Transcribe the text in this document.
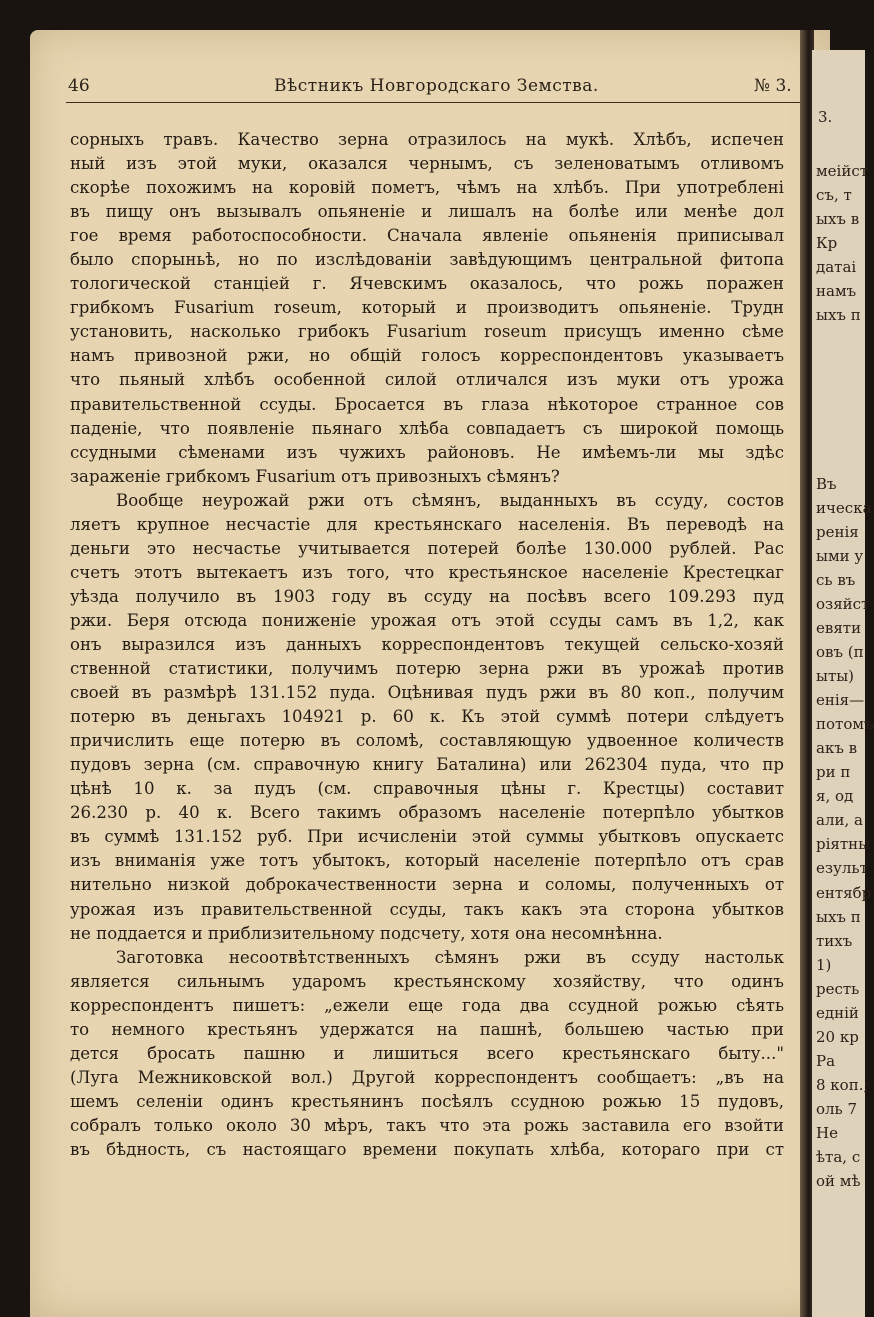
46	Вѣстникъ Новгородскаго Земства.	№ 3.
сорныхъ травъ. Качество зерна отразилось на мукѣ. Хлѣбъ, испечен
ный изъ этой муки, оказался чернымъ, съ зеленоватымъ отливомъ
скорѣе похожимъ на коровій пометъ, чѣмъ на хлѣбъ. При употреблені
въ пищу онъ вызывалъ опьяненіе и лишалъ на болѣе или менѣе дол
гое время работоспособности. Сначала явленіе опьяненія приписывал
было спорыньѣ, но по изслѣдованіи завѣдующимъ центральной фитопа
тологической станціей г. Ячевскимъ оказалось, что рожь поражен
грибкомъ Fusarium roseum, который и производитъ опьяненіе. Трудн
установить, насколько грибокъ Fusarium roseum присущъ именно сѣме
намъ привозной ржи, но общій голосъ корреспондентовъ указываетъ
что пьяный хлѣбъ особенной силой отличался изъ муки отъ урожа
правительственной ссуды. Бросается въ глаза нѣкоторое странное сов
паденіе, что появленіе пьянаго хлѣба совпадаетъ съ широкой помощь
ссудными сѣменами изъ чужихъ районовъ. Не имѣемъ-ли мы здѣс
зараженіе грибкомъ Fusarium отъ привозныхъ сѣмянъ?
Вообще неурожай ржи отъ сѣмянъ, выданныхъ въ ссуду, состов
ляетъ крупное несчастіе для крестьянскаго населенія. Въ переводѣ на
деньги это несчастье учитывается потерей болѣе 130.000 рублей. Рас
счетъ этотъ вытекаетъ изъ того, что крестьянское населеніе Крестецкаг
уѣзда получило въ 1903 году въ ссуду на посѣвъ всего 109.293 пуд
ржи. Беря отсюда пониженіе урожая отъ этой ссуды самъ въ 1,2, как
онъ выразился изъ данныхъ корреспондентовъ текущей сельско-хозяй
ственной статистики, получимъ потерю зерна ржи въ урожаѣ против
своей въ размѣрѣ 131.152 пуда. Оцѣнивая пудъ ржи въ 80 коп., получим
потерю въ деньгахъ 104921 р. 60 к. Къ этой суммѣ потери слѣдуетъ
причислить еще потерю въ соломѣ, составляющую удвоенное количеств
пудовъ зерна (см. справочную книгу Баталина) или 262304 пуда, что пр
цѣнѣ 10 к. за пудъ (см. справочныя цѣны г. Крестцы) составит
26.230 р. 40 к. Всего такимъ образомъ населеніе потерпѣло убытков
въ суммѣ 131.152 руб. При исчисленіи этой суммы убытковъ опускаетс
изъ вниманія уже тотъ убытокъ, который населеніе потерпѣло отъ срав
нительно низкой доброкачественности зерна и соломы, полученныхъ от
урожая изъ правительственной ссуды, такъ какъ эта сторона убытков
не поддается и приблизительному подсчету, хотя она несомнѣнна.
Заготовка несоотвѣтственныхъ сѣмянъ ржи въ ссуду настольк
является сильнымъ ударомъ крестьянскому хозяйству, что одинъ
корреспондентъ пишетъ: „ежели еще года два ссудной рожью сѣять
то немного крестьянъ удержатся на пашнѣ, большею частью при
дется бросать пашню и лишиться всего крестьянскаго быту..."
(Луга Межниковской вол.) Другой корреспондентъ сообщаетъ: „въ на
шемъ селеніи одинъ крестьянинъ посѣялъ ссудною рожью 15 пудовъ,
собралъ только около 30 мѣръ, такъ что эта рожь заставила его взойти
въ бѣдность, съ настоящаго времени покупать хлѣба, котораго при ст
3.
меійст
съ, т
ыхъ в
Кр
датаі
намъ
ыхъ п
Въ
ическа
ренія
ыми у
сь въ
озяйст
евяти
овъ (п
ыты)
енія—
потомъ
акъ в
ри п
я, од
али, а
ріятны
езульт
ентябр
ыхъ п
тихъ
1)
ресть
едній
20 кр
Ра
8 коп.;
оль 7
Не
ѣта, с
ой мѣ
